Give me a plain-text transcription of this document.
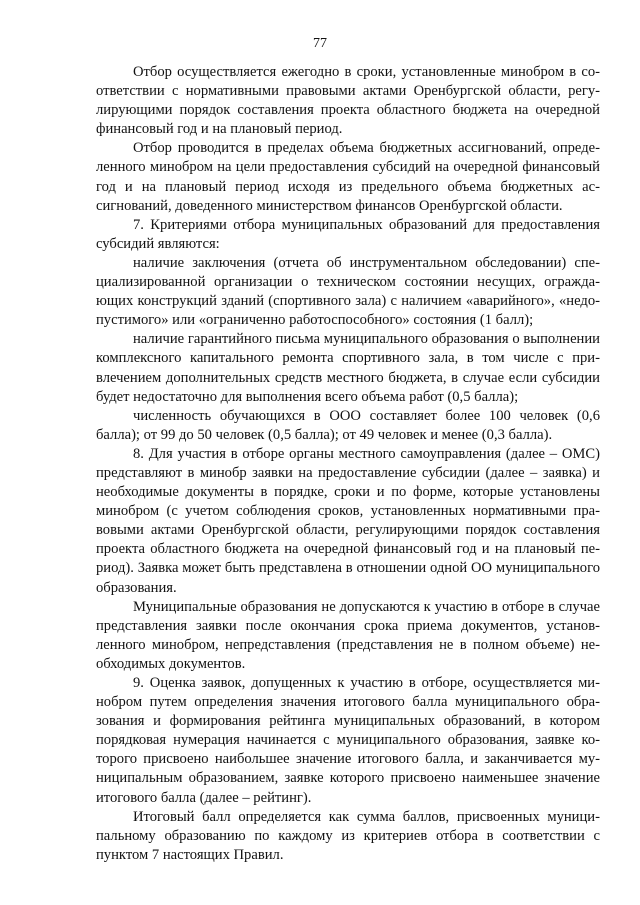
77

Отбор осуществляется ежегодно в сроки, установленные минобром в соответствии с нормативными правовыми актами Оренбургской области, регулирующими порядок составления проекта областного бюджета на очередной финансовый год и на плановый период.

Отбор проводится в пределах объема бюджетных ассигнований, определенного минобром на цели предоставления субсидий на очередной финансовый год и на плановый период исходя из предельного объема бюджетных ассигнований, доведенного министерством финансов Оренбургской области.

7. Критериями отбора муниципальных образований для предоставления субсидий являются:

наличие заключения (отчета об инструментальном обследовании) специализированной организации о техническом состоянии несущих, ограждающих конструкций зданий (спортивного зала) с наличием «аварийного», «недопустимого» или «ограниченно работоспособного» состояния (1 балл);

наличие гарантийного письма муниципального образования о выполнении комплексного капитального ремонта спортивного зала, в том числе с привлечением дополнительных средств местного бюджета, в случае если субсидии будет недостаточно для выполнения всего объема работ (0,5 балла);

численность обучающихся в ООО составляет более 100 человек (0,6 балла); от 99 до 50 человек (0,5 балла); от 49 человек и менее (0,3 балла).

8. Для участия в отборе органы местного самоуправления (далее – ОМС) представляют в минобр заявки на предоставление субсидии (далее – заявка) и необходимые документы в порядке, сроки и по форме, которые установлены минобром (с учетом соблюдения сроков, установленных нормативными правовыми актами Оренбургской области, регулирующими порядок составления проекта областного бюджета на очередной финансовый год и на плановый период). Заявка может быть представлена в отношении одной ОО муниципального образования.

Муниципальные образования не допускаются к участию в отборе в случае представления заявки после окончания срока приема документов, установленного минобром, непредставления (представления не в полном объеме) необходимых документов.

9. Оценка заявок, допущенных к участию в отборе, осуществляется минобром путем определения значения итогового балла муниципального образования и формирования рейтинга муниципальных образований, в котором порядковая нумерация начинается с муниципального образования, заявке которого присвоено наибольшее значение итогового балла, и заканчивается муниципальным образованием, заявке которого присвоено наименьшее значение итогового балла (далее – рейтинг).

Итоговый балл определяется как сумма баллов, присвоенных муниципальному образованию по каждому из критериев отбора в соответствии с пунктом 7 настоящих Правил.
